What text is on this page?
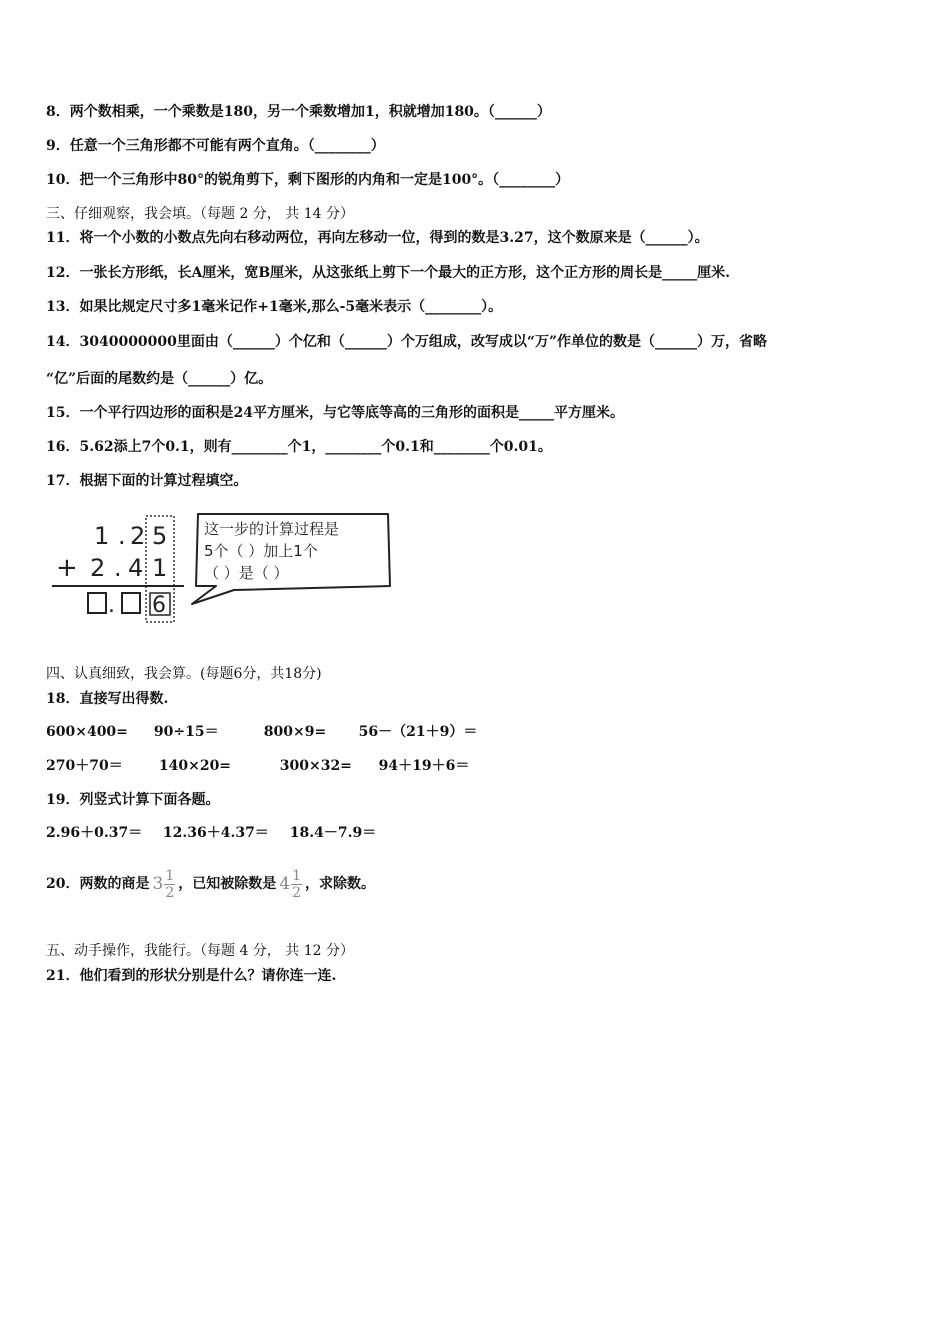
8．两个数相乘，一个乘数是180，另一个乘数增加1，积就增加180。（______）
9．任意一个三角形都不可能有两个直角。（________）
10．把一个三角形中80°的锐角剪下，剩下图形的内角和一定是100°。（________）
三、仔细观察，我会填。（每题 2 分， 共 14 分）
11．将一个小数的小数点先向右移动两位，再向左移动一位，得到的数是3.27，这个数原来是（______）。
12．一张长方形纸，长A厘米，宽B厘米，从这张纸上剪下一个最大的正方形，这个正方形的周长是_____厘米.
13．如果比规定尺寸多1毫米记作+1毫米,那么-5毫米表示（________）。
14．3040000000里面由（______）个亿和（______）个万组成，改写成以“万”作单位的数是（______）万，省略
“亿”后面的尾数约是（______）亿。
15．一个平行四边形的面积是24平方厘米，与它等底等高的三角形的面积是_____平方厘米。
16．5.62添上7个0.1，则有________个1，________个0.1和________个0.01。
17．根据下面的计算过程填空。
1 . 2 5
+ 2 . 4 1
. 6
这一步的计算过程是
5个（ ）加上1个
（ ）是（ ）
四、认真细致，我会算。(每题6分，共18分)
18．直接写出得数.
600×400= 90÷15＝	800×9= 56－（21＋9）＝
270＋70＝	140×20=	300×32= 94＋19＋6＝
19．列竖式计算下面各题。
2.96＋0.37＝ 12.36＋4.37＝ 18.4－7.9＝
20．两数的商是 $3 \frac{1}{2}$ ，已知被除数是 $4 \frac{1}{2}$ ，求除数。
五、动手操作，我能行。（每题 4 分， 共 12 分）
21．他们看到的形状分别是什么？请你连一连.
